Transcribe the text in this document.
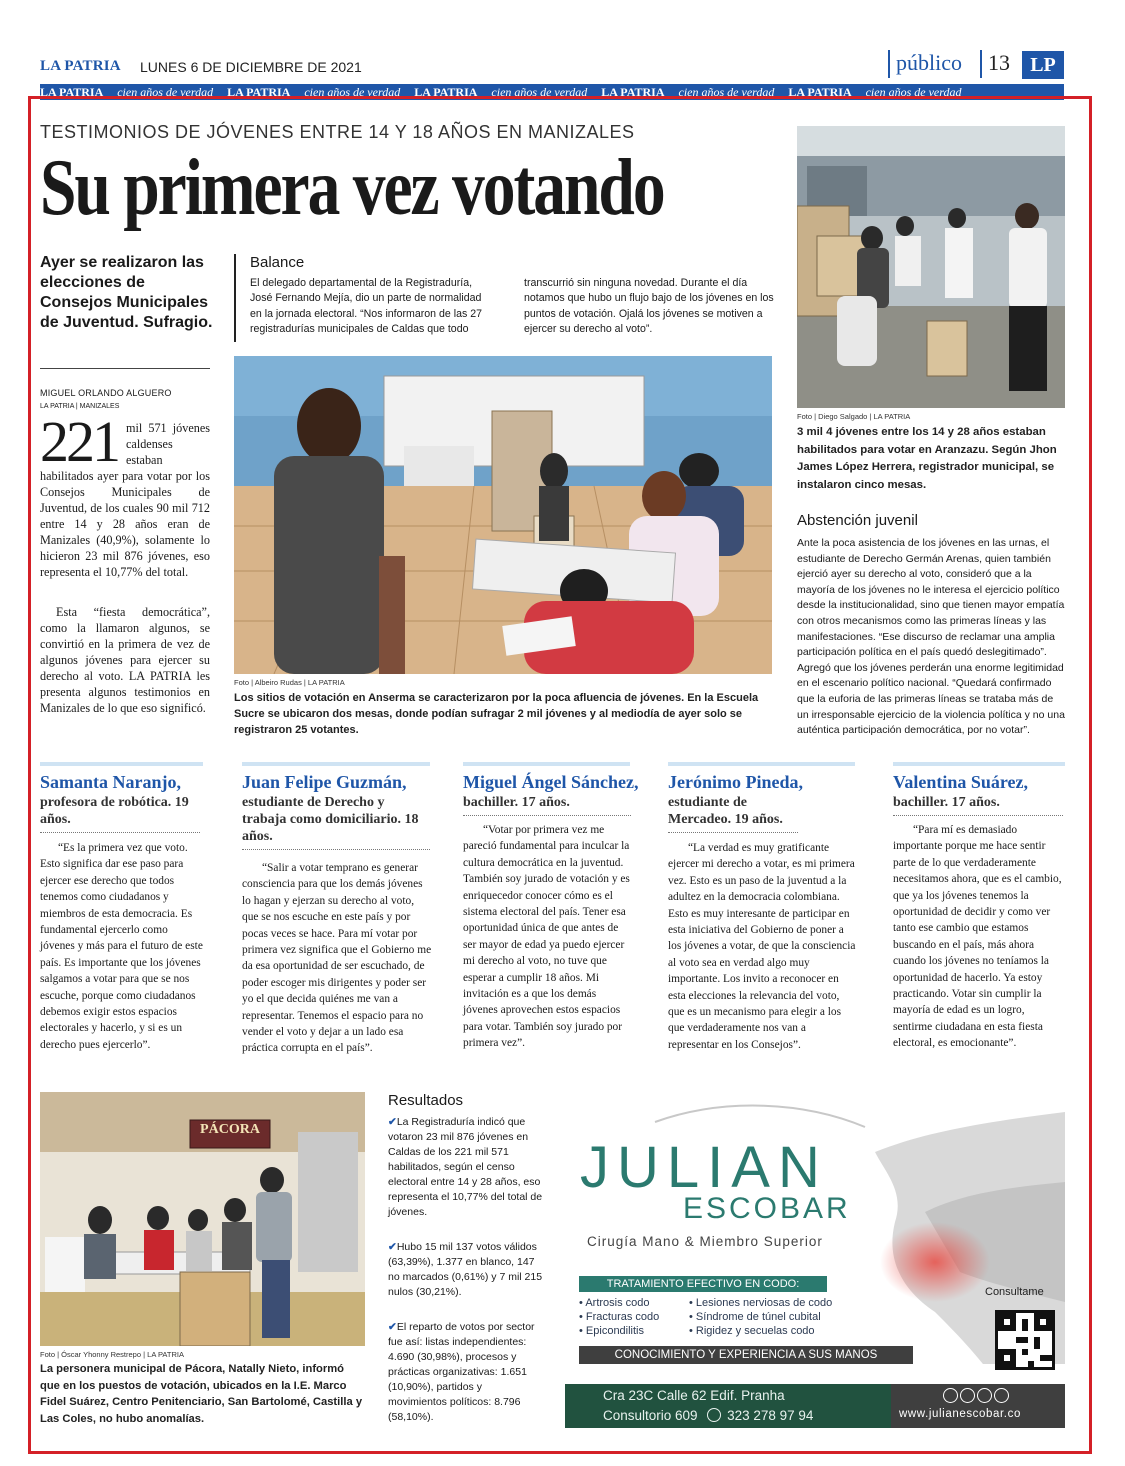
LA PATRIA LUNES 6 DE DICIEMBRE DE 2021	público 13	LP
LA PATRIA cien años de verdad LA PATRIA cien años de verdad LA PATRIA cien años de verdad LA PATRIA cien años de verdad LA PATRIA cien años de verdad
TESTIMONIOS DE JÓVENES ENTRE 14 Y 18 AÑOS EN MANIZALES
Su primera vez votando
Ayer se realizaron las elecciones de Consejos Municipales de Juventud. Sufragio.
MIGUEL ORLANDO ALGUERO
LA PATRIA | MANIZALES
221 mil 571 jóvenes caldenses estaban habilitados ayer para votar por los Consejos Municipales de Juventud, de los cuales 90 mil 712 entre 14 y 28 años eran de Manizales (40,9%), solamente lo hicieron 23 mil 876 jóvenes, eso representa el 10,77% del total.
Esta “fiesta democrática”, como la llamaron algunos, se convirtió en la primera de vez de algunos jóvenes para ejercer su derecho al voto. LA PATRIA les presenta algunos testimonios en Manizales de lo que eso significó.
Balance
El delegado departamental de la Registraduría, José Fernando Mejía, dio un parte de normalidad en la jornada electoral. “Nos informaron de las 27 registradurías municipales de Caldas que todo
transcurrió sin ninguna novedad. Durante el día notamos que hubo un flujo bajo de los jóvenes en los puntos de votación. Ojalá los jóvenes se motiven a ejercer su derecho al voto”.
Foto | Albeiro Rudas | LA PATRIA
Los sitios de votación en Anserma se caracterizaron por la poca afluencia de jóvenes. En la Escuela Sucre se ubicaron dos mesas, donde podían sufragar 2 mil jóvenes y al mediodía de ayer solo se registraron 25 votantes.
Foto | Diego Salgado | LA PATRIA
3 mil 4 jóvenes entre los 14 y 28 años estaban habilitados para votar en Aranzazu. Según Jhon James López Herrera, registrador municipal, se instalaron cinco mesas.
Abstención juvenil
Ante la poca asistencia de los jóvenes en las urnas, el estudiante de Derecho Germán Arenas, quien también ejerció ayer su derecho al voto, consideró que a la mayoría de los jóvenes no le interesa el ejercicio político desde la institucionalidad, sino que tienen mayor empatía con otros mecanismos como las primeras líneas y las manifestaciones. “Ese discurso de reclamar una amplia participación política en el país quedó deslegitimado”. Agregó que los jóvenes perderán una enorme legitimidad en el escenario político nacional. “Quedará confirmado que la euforia de las primeras líneas se trataba más de un irresponsable ejercicio de la violencia política y no una auténtica participación democrática, por no votar”.
Samanta Naranjo,
profesora de robótica. 19 años.
“Es la primera vez que voto. Esto significa dar ese paso para ejercer ese derecho que todos tenemos como ciudadanos y miembros de esta democracia. Es fundamental ejercerlo como jóvenes y más para el futuro de este país. Es importante que los jóvenes salgamos a votar para que se nos escuche, porque como ciudadanos debemos exigir estos espacios electorales y hacerlo, y si es un derecho pues ejercerlo”.
Juan Felipe Guzmán,
estudiante de Derecho y trabaja como domiciliario. 18 años.
“Salir a votar temprano es generar consciencia para que los demás jóvenes lo hagan y ejerzan su derecho al voto, que se nos escuche en este país y por pocas veces se hace. Para mí votar por primera vez significa que el Gobierno me da esa oportunidad de ser escuchado, de poder escoger mis dirigentes y poder ser yo el que decida quiénes me van a representar. Tenemos el espacio para no vender el voto y dejar a un lado esa práctica corrupta en el país”.
Miguel Ángel Sánchez,
bachiller. 17 años.
“Votar por primera vez me pareció fundamental para inculcar la cultura democrática en la juventud. También soy jurado de votación y es enriquecedor conocer cómo es el sistema electoral del país. Tener esa oportunidad única de que antes de ser mayor de edad ya puedo ejercer mi derecho al voto, no tuve que esperar a cumplir 18 años. Mi invitación es a que los demás jóvenes aprovechen estos espacios para votar. También soy jurado por primera vez”.
Jerónimo Pineda,
estudiante de Mercadeo. 19 años.
“La verdad es muy gratificante ejercer mi derecho a votar, es mi primera vez. Esto es un paso de la juventud a la adultez en la democracia colombiana. Esto es muy interesante de participar en esta iniciativa del Gobierno de poner a los jóvenes a votar, de que la consciencia al voto sea en verdad algo muy importante. Los invito a reconocer en esta elecciones la relevancia del voto, que es un mecanismo para elegir a los que verdaderamente nos van a representar en los Consejos”.
Valentina Suárez,
bachiller. 17 años.
“Para mí es demasiado importante porque me hace sentir parte de lo que verdaderamente necesitamos ahora, que es el cambio, que ya los jóvenes tenemos la oportunidad de decidir y como ver tanto ese cambio que estamos buscando en el país, más ahora cuando los jóvenes no teníamos la oportunidad de hacerlo. Ya estoy practicando. Votar sin cumplir la mayoría de edad es un logro, sentirme ciudadana en esta fiesta electoral, es emocionante”.
PÁCORA
Foto | Óscar Yhonny Restrepo | LA PATRIA
La personera municipal de Pácora, Natally Nieto, informó que en los puestos de votación, ubicados en la I.E. Marco Fidel Suárez, Centro Penitenciario, San Bartolomé, Castilla y Las Coles, no hubo anomalías.
Resultados
✔La Registraduría indicó que votaron 23 mil 876 jóvenes en Caldas de los 221 mil 571 habilitados, según el censo electoral entre 14 y 28 años, eso representa el 10,77% del total de jóvenes.
✔Hubo 15 mil 137 votos válidos (63,39%), 1.377 en blanco, 147 no marcados (0,61%) y 7 mil 215 nulos (30,21%).
✔El reparto de votos por sector fue así: listas independientes: 4.690 (30,98%), procesos y prácticas organizativas: 1.651 (10,90%), partidos y movimientos políticos: 8.796 (58,10%).
JULIAN
ESCOBAR
Cirugía Mano & Miembro Superior
TRATAMIENTO EFECTIVO EN CODO:
• Artrosis codo
• Fracturas codo
• Epicondilitis
• Lesiones nerviosas de codo
• Síndrome de túnel cubital
• Rigidez y secuelas codo
Consultame
CONOCIMIENTO Y EXPERIENCIA A SUS MANOS
Cra 23C Calle 62 Edif. Pranha
Consultorio 609 323 278 97 94	www.julianescobar.co
